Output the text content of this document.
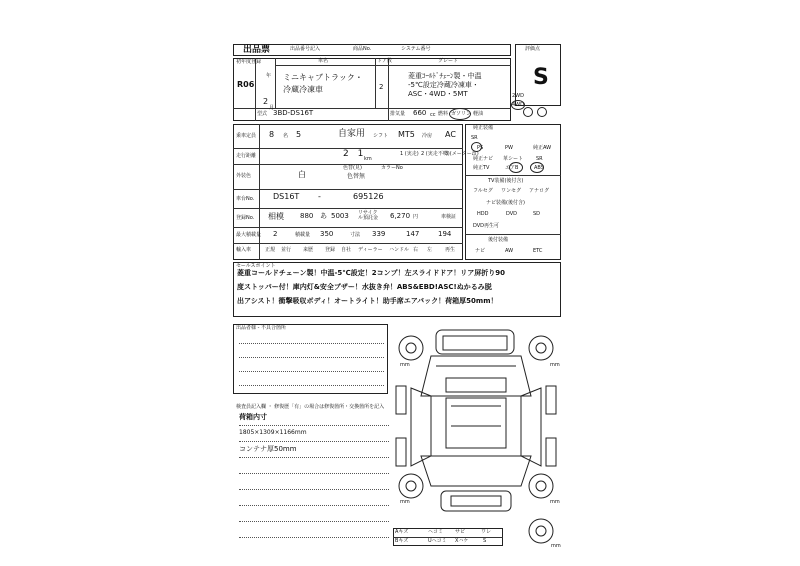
出品票	出品番号記入	商品No.	システム番号	評価点
S
初年度登録
R06
年
2
月
車名
ミニキャブトラック・
冷蔵冷凍車
ドア数
2
グレード
菱重ｺｰﾙﾄﾞﾁｪｰﾝ製・中温
-5℃設定冷蔵冷凍車・
ASC・4WD・5MT
型式 3BD-DS16T	排気量 660 cc 燃料 ガソリン 軽油
2WD
4WD
乗車定員 8 名 5	自家用 シフト MT5 冷房 AC
走行距離	2 1
km
1 (実走) 2 (実走不明)
3 (メーター改)
外装色	白
色替(見)
色替無
カラーNo
車台No. DS16T -	695126
登録No. 相模 880 あ 5003 リサイクル預託金 6,270 円	車検証
最大積載量 2	積載量 350	寸法 339	147	194
輸入車	正規 並行 来歴 登録 自社 ディーラー ハンドル 右 左	再生
純正装備
SR
PS	PW	純正AW
純正ナビ 革シート	SR
純正TV	エアB	ABS
TV装備(後付含)
フルセグ ワンセグ アナログ
ナビ装備(後付含)
HDD	DVD	SD
DVD再生可
後付装備
ナビ	AW	ETC
セールスポイント
菱重コールドチェーン製！中温-5℃設定！2コンプ！左スライドドア！リア屏折り90
度ストッパー付！庫内灯&安全ブザー！水抜き弁！ABS&EBD!ASC!ぬかるみ脱
出アシスト！衝撃吸収ボディ！オートライト！助手席エアバック！荷箱厚50mm！
出品者様 - 不具合箇所
検査員記入欄 ・ 修復歴「有」の場合は修復箇所・交換箇所を記入
荷箱内寸
1805×1309×1166mm
コンテナ厚50mm
mm	mm
mm	mm
mm
Aキズ	ヘコミ サビ	ワレ
Bキズ	Uヘコミ Xハケ	S
